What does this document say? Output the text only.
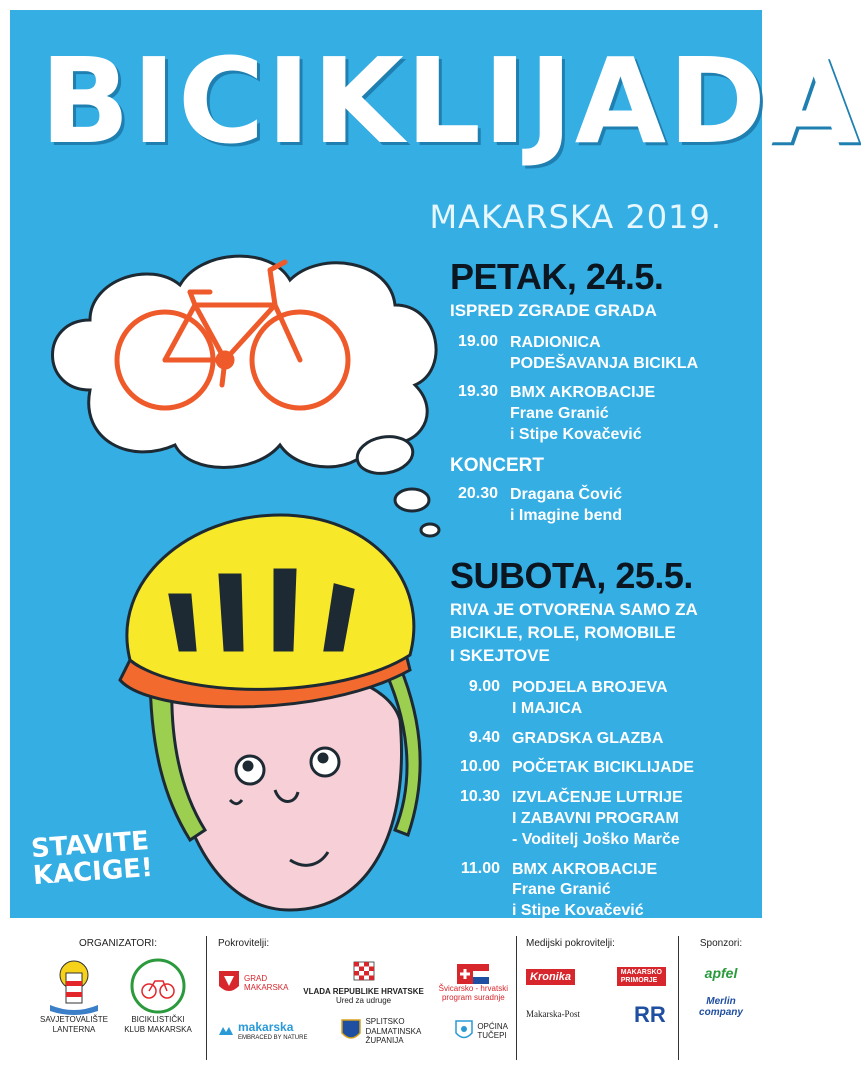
BICIKLIJADA
MAKARSKA 2019.
STAVITE
KACIGE!
PETAK, 24.5.
ISPRED ZGRADE GRADA
19.00 RADIONICA
PODEŠAVANJA BICIKLA
19.30 BMX AKROBACIJE
Frane Granić
i Stipe Kovačević
KONCERT
20.30 Dragana Čović
i Imagine bend
SUBOTA, 25.5.
RIVA JE OTVORENA SAMO ZA
BICIKLE, ROLE, ROMOBILE
I SKEJTOVE
9.00 PODJELA BROJEVA
I MAJICA
9.40 GRADSKA GLAZBA
10.00 POČETAK BICIKLIJADE
10.30 IZVLAČENJE LUTRIJE
I ZABAVNI PROGRAM
- Voditelj Joško Marče
11.00 BMX AKROBACIJE
Frane Granić
i Stipe Kovačević
ORGANIZATORI:
SAVJETOVALIŠTE
LANTERNA
BICIKLISTIČKI
KLUB MAKARSKA
Pokrovitelji:
GRAD
MAKARSKA VLADA REPUBLIKE HRVATSKE
Ured za udruge
Švicarsko - hrvatski
program suradnje
makarska
EMBRACED BY NATURE
SPLITSKO
DALMATINSKA
ŽUPANIJA
OPĆINA
TUČEPI
Medijski pokrovitelji:
Kronika	MAKARSKO
PRIMORJE
Makarska-Post RR
Sponzori:
apfel
Merlin
company
